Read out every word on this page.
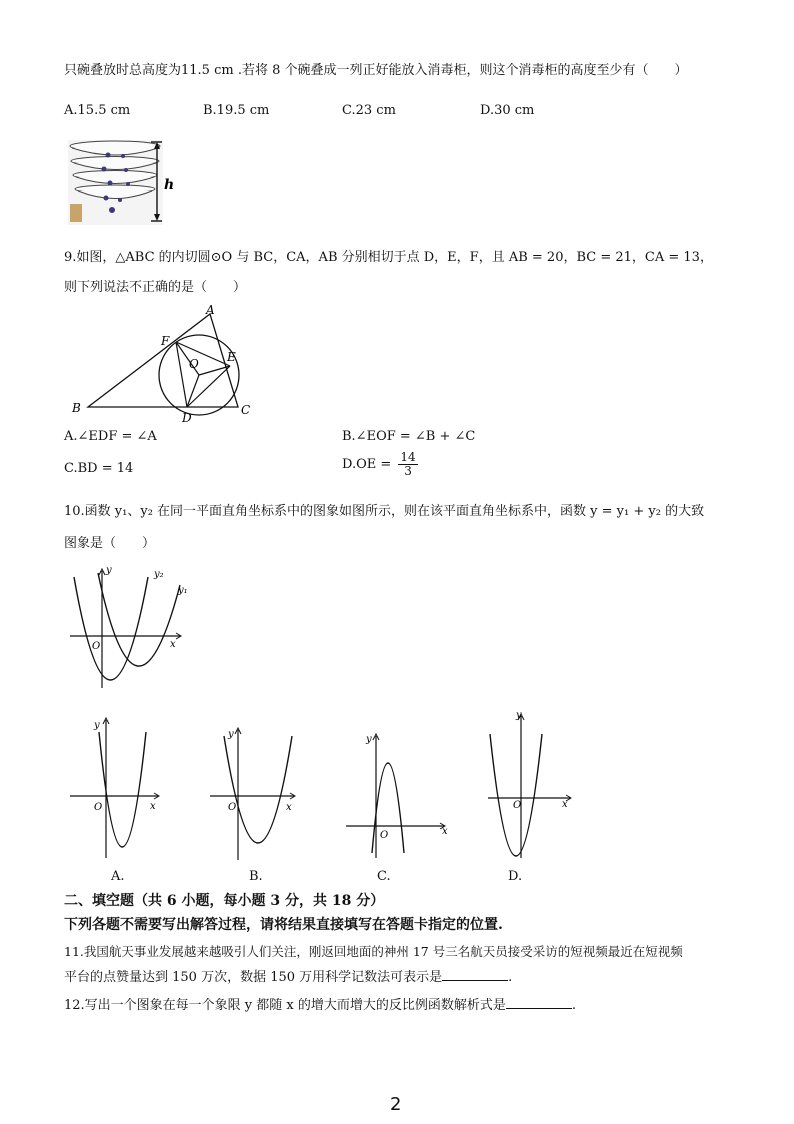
只碗叠放时总高度为11.5 cm .若将 8 个碗叠成一列正好能放入消毒柜，则这个消毒柜的高度至少有（　　）
A.15.5 cm	B.19.5 cm	C.23 cm	D.30 cm
h
9.如图，△ABC 的内切圆⊙O 与 BC，CA，AB 分别相切于点 D，E，F，且 AB = 20，BC = 21，CA = 13，
则下列说法不正确的是（　　）
A
B	C
D
E
F
O
A.∠EDF = ∠A	B.∠EOF = ∠B + ∠C
C.BD = 14	$D.OE = \frac{14}{3}$
10.函数 y₁、y₂ 在同一平面直角坐标系中的图象如图所示，则在该平面直角坐标系中，函数 y = y₁ + y₂ 的大致
图象是（　　）
y
x
O
y₂
y₁
y
x
O
A.
y
x
O
B.
y
x
O
C.
y
x
O
D.
二、填空题（共 6 小题，每小题 3 分，共 18 分）
下列各题不需要写出解答过程，请将结果直接填写在答题卡指定的位置.
11.我国航天事业发展越来越吸引人们关注，刚返回地面的神州 17 号三名航天员接受采访的短视频最近在短视频
平台的点赞量达到 150 万次，数据 150 万用科学记数法可表示是	.
12.写出一个图象在每一个象限 y 都随 x 的增大而增大的反比例函数解析式是	.
2
